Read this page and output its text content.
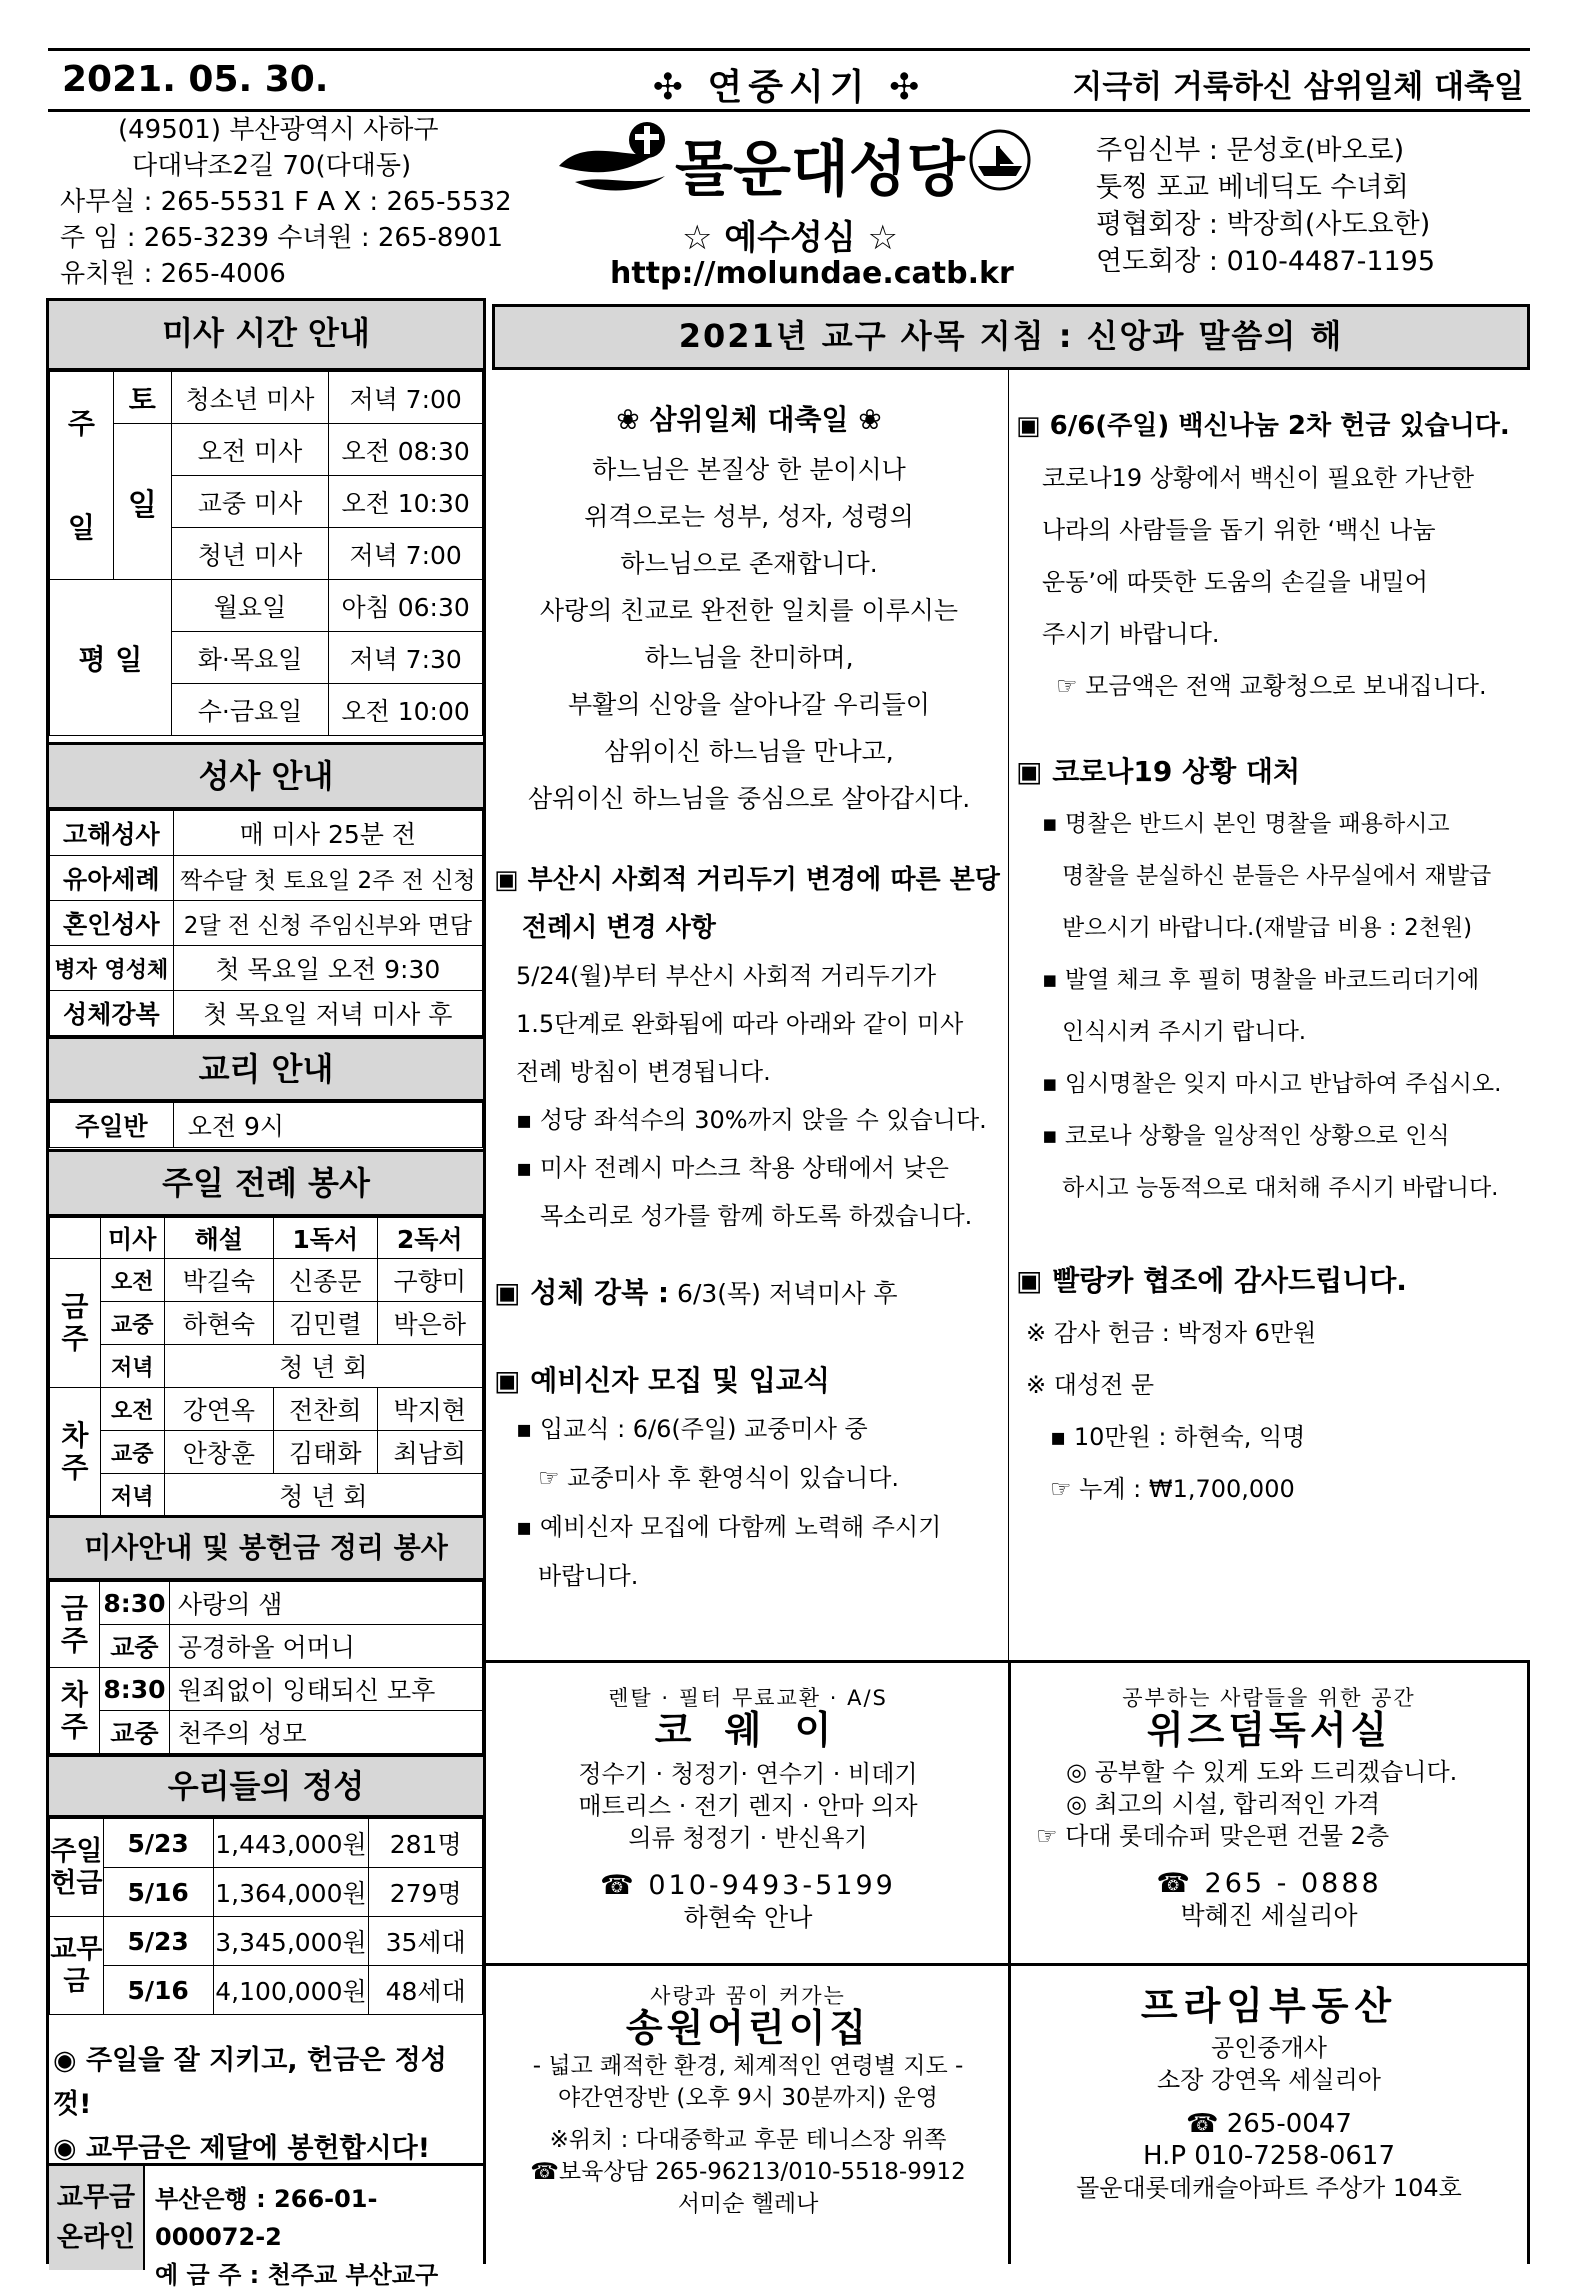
✣ 연중시기 ✣
2021. 05. 30.	지극히 거룩하신 삼위일체 대축일
(49501) 부산광역시 사하구
다대낙조2길 70(다대동)
사무실 : 265-5531 F A X : 265-5532
주 임 : 265-3239 수녀원 : 265-8901
유치원 : 265-4006
몰운대성당
☆ 예수성심 ☆
http://molundae.catb.kr
주임신부 : 문성호(바오로)
툿찡 포교 베네딕도 수녀회
평협회장 : 박장희(사도요한)
연도회장 : 010-4487-1195
미사 시간 안내
주

일	토	청소년 미사	저녁 7:00
	일	오전 미사	오전 08:30
		교중 미사	오전 10:30
		청년 미사	저녁 7:00
평 일		월요일	아침 06:30
		화·목요일	저녁 7:30
		수·금요일	오전 10:00
성사 안내
고해성사	매 미사 25분 전
유아세례	짝수달 첫 토요일 2주 전 신청
혼인성사	2달 전 신청 주임신부와 면담
병자 영성체	첫 목요일 오전 9:30
성체강복	첫 목요일 저녁 미사 후
교리 안내
주일반	오전 9시
주일 전례 봉사
	미사	해설	1독서	2독서
금주	오전	박길숙	신종문	구향미
	교중	하현숙	김민렬	박은하
	저녁	청 년 회		
차주	오전	강연옥	전찬희	박지현
	교중	안창훈	김태화	최남희
	저녁	청 년 회		
미사안내 및 봉헌금 정리 봉사
금주	8:30	사랑의 샘
	교중	공경하올 어머니
차주	8:30	원죄없이 잉태되신 모후
	교중	천주의 성모
우리들의 정성
주일헌금	5/23	1,443,000원	281명
	5/16	1,364,000원	279명
교무금	5/23	3,345,000원	35세대
	5/16	4,100,000원	48세대
◉ 주일을 잘 지키고, 헌금은 정성껏!
◉ 교무금은 제달에 봉헌합시다!
교무금 온라인
부산은행 : 266-01-000072-2
예 금 주 : 천주교 부산교구
2021년 교구 사목 지침 : 신앙과 말씀의 해
❀ 삼위일체 대축일 ❀
하느님은 본질상 한 분이시나
위격으로는 성부, 성자, 성령의
하느님으로 존재합니다.
사랑의 친교로 완전한 일치를 이루시는
하느님을 찬미하며,
부활의 신앙을 살아나갈 우리들이
삼위이신 하느님을 만나고,
삼위이신 하느님을 중심으로 살아갑시다.
▣ 부산시 사회적 거리두기 변경에 따른 본당
전례시 변경 사항
5/24(월)부터 부산시 사회적 거리두기가
1.5단계로 완화됨에 따라 아래와 같이 미사
전례 방침이 변경됩니다.
▪ 성당 좌석수의 30%까지 앉을 수 있습니다.
▪ 미사 전례시 마스크 착용 상태에서 낮은
목소리로 성가를 함께 하도록 하겠습니다.
▣ 성체 강복 : 6/3(목) 저녁미사 후
▣ 예비신자 모집 및 입교식
▪ 입교식 : 6/6(주일) 교중미사 중
☞ 교중미사 후 환영식이 있습니다.
▪ 예비신자 모집에 다함께 노력해 주시기
바랍니다.
▣ 6/6(주일) 백신나눔 2차 헌금 있습니다.
코로나19 상황에서 백신이 필요한 가난한
나라의 사람들을 돕기 위한 ‘백신 나눔
운동’에 따뜻한 도움의 손길을 내밀어
주시기 바랍니다.
☞ 모금액은 전액 교황청으로 보내집니다.
▣ 코로나19 상황 대처
▪ 명찰은 반드시 본인 명찰을 패용하시고
명찰을 분실하신 분들은 사무실에서 재발급
받으시기 바랍니다.(재발급 비용 : 2천원)
▪ 발열 체크 후 필히 명찰을 바코드리더기에
인식시켜 주시기 랍니다.
▪ 임시명찰은 잊지 마시고 반납하여 주십시오.
▪ 코로나 상황을 일상적인 상황으로 인식
하시고 능동적으로 대처해 주시기 바랍니다.
▣ 빨랑카 협조에 감사드립니다.
※ 감사 헌금 : 박정자 6만원
※ 대성전 문
▪ 10만원 : 하현숙, 익명
☞ 누계 : ₩1,700,000
렌탈 · 필터 무료교환 · A/S
코 웨 이
정수기 · 청정기· 연수기 · 비데기
매트리스 · 전기 렌지 · 안마 의자
의류 청정기 · 반신욕기
☎ 010-9493-5199
하현숙 안나
공부하는 사람들을 위한 공간
위즈덤독서실
◎ 공부할 수 있게 도와 드리겠습니다.
◎ 최고의 시설, 합리적인 가격
☞ 다대 롯데슈퍼 맞은편 건물 2층
☎ 265 - 0888
박혜진 세실리아
사랑과 꿈이 커가는
송원어린이집
- 넓고 쾌적한 환경, 체계적인 연령별 지도 -
야간연장반 (오후 9시 30분까지) 운영
※위치 : 다대중학교 후문 테니스장 위쪽
☎보육상담 265-96213/010-5518-9912
서미순 헬레나
프라임부동산
공인중개사
소장 강연옥 세실리아
☎ 265-0047
H.P 010-7258-0617
몰운대롯데캐슬아파트 주상가 104호
